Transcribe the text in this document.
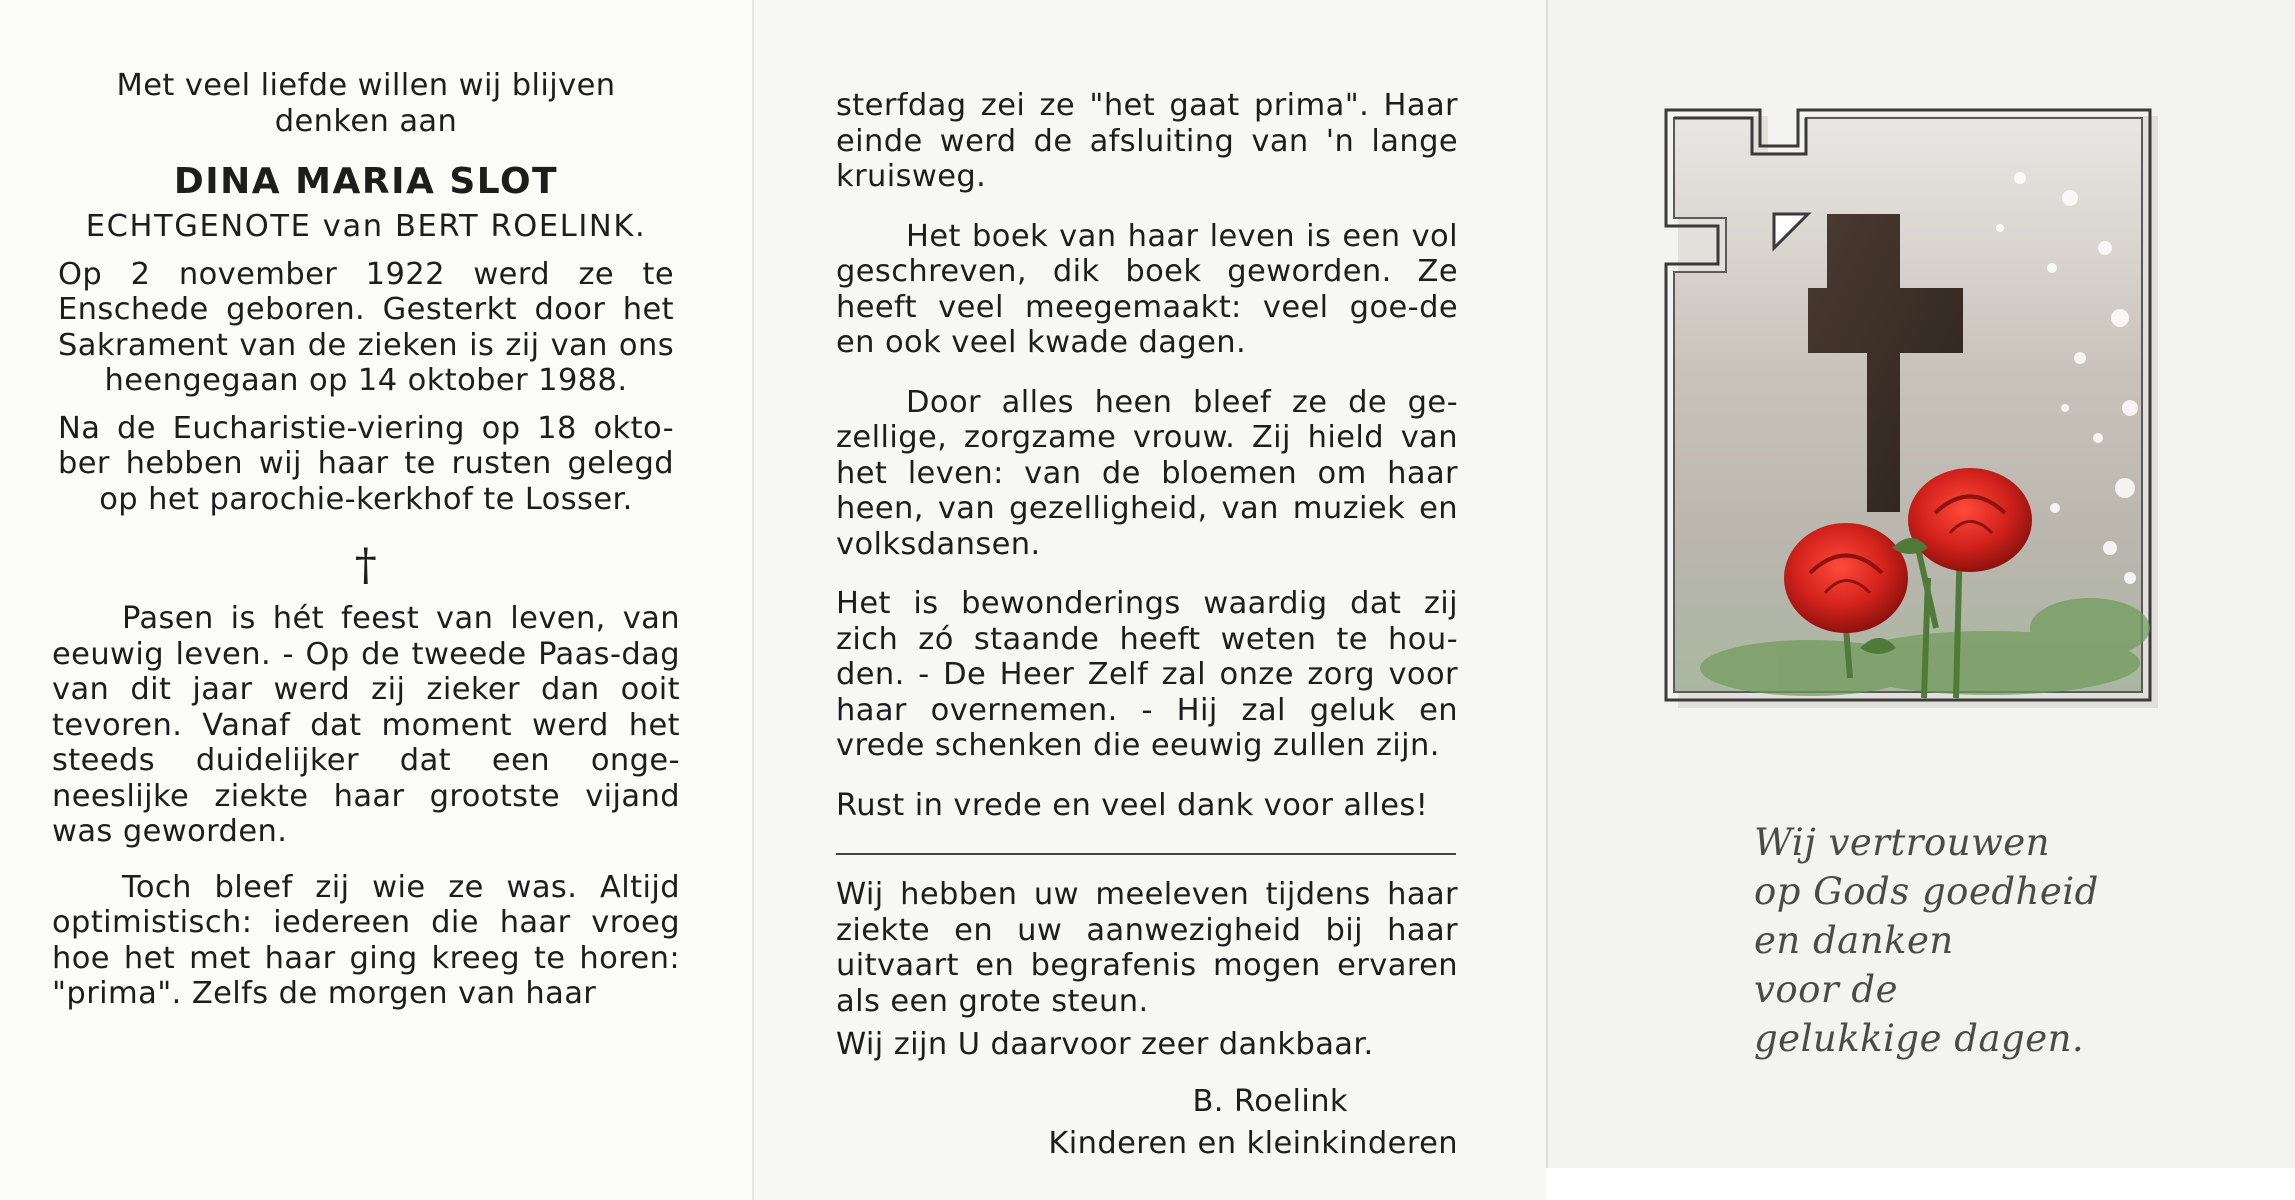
Met veel liefde willen wij blijven
denken aan
DINA MARIA SLOT
ECHTGENOTE van BERT ROELINK.

Op 2 november 1922 werd ze te Enschede geboren. Gesterkt door het Sakrament van de zieken is zij van ons heengegaan op 14 oktober 1988.

Na de Eucharistie-viering op 18 okto-ber hebben wij haar te rusten gelegd op het parochie-kerkhof te Losser.

†

Pasen is hét feest van leven, van eeuwig leven. - Op de tweede Paas-dag van dit jaar werd zij zieker dan ooit tevoren. Vanaf dat moment werd het steeds duidelijker dat een onge-neeslijke ziekte haar grootste vijand was geworden.

Toch bleef zij wie ze was. Altijd optimistisch: iedereen die haar vroeg hoe het met haar ging kreeg te horen: "prima". Zelfs de morgen van haar

sterfdag zei ze "het gaat prima". Haar einde werd de afsluiting van 'n lange kruisweg.

Het boek van haar leven is een vol geschreven, dik boek geworden. Ze heeft veel meegemaakt: veel goe-de en ook veel kwade dagen.

Door alles heen bleef ze de ge-zellige, zorgzame vrouw. Zij hield van het leven: van de bloemen om haar heen, van gezelligheid, van muziek en volksdansen.

Het is bewonderings waardig dat zij zich zó staande heeft weten te hou-den. - De Heer Zelf zal onze zorg voor haar overnemen. - Hij zal geluk en vrede schenken die eeuwig zullen zijn.

Rust in vrede en veel dank voor alles!

Wij hebben uw meeleven tijdens haar ziekte en uw aanwezigheid bij haar uitvaart en begrafenis mogen ervaren als een grote steun.

Wij zijn U daarvoor zeer dankbaar.

B. Roelink
Kinderen en kleinkinderen
Wij vertrouwen
op Gods goedheid
en danken
voor de
gelukkige dagen.
